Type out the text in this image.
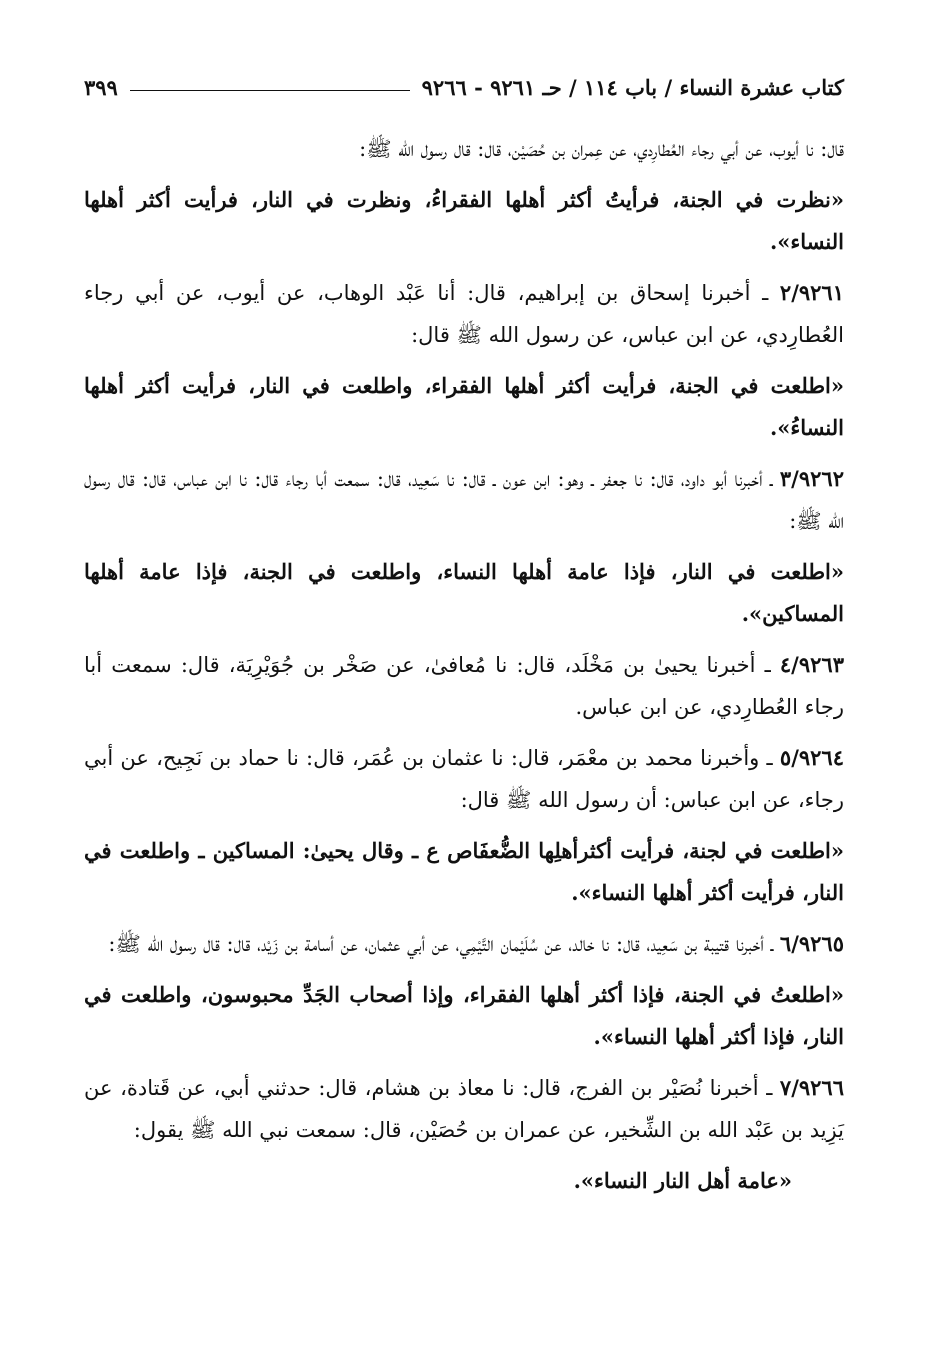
كتاب عشرة النساء / باب ١١٤ / حـ ٩٢٦١ - ٩٢٦٦
٣٩٩

قال: نا أيوب، عن أبي رجاء العُطارِدي، عن عِمران بن حُصَيْن، قال: قال رسول الله ﷺ:

«نظرت في الجنة، فرأيتُ أكثر أهلها الفقراءُ، ونظرت في النار، فرأيت أكثر أهلها النساء».

٢/٩٢٦١ ـ أخبرنا إسحاق بن إبراهيم، قال: أنا عَبْد الوهاب، عن أيوب، عن أبي رجاء العُطارِدي، عن ابن عباس، عن رسول الله ﷺ قال:

«اطلعت في الجنة، فرأيت أكثر أهلها الفقراء، واطلعت في النار، فرأيت أكثر أهلها النساءُ».

٣/٩٢٦٢ ـ أخبرنا أبو داود، قال: نا جعفر ـ وهو: ابن عون ـ قال: نا سَعِيد، قال: سمعت أبا رجاء قال: نا ابن عباس، قال: قال رسول الله ﷺ:

«اطلعت في النار، فإذا عامة أهلها النساء، واطلعت في الجنة، فإذا عامة أهلها المساكين».

٤/٩٢٦٣ ـ أخبرنا يحيىٰ بن مَخْلَد، قال: نا مُعافىٰ، عن صَخْر بن جُوَيْرِيَة، قال: سمعت أبا رجاء العُطارِدي، عن ابن عباس.

٥/٩٢٦٤ ـ وأخبرنا محمد بن معْمَر، قال: نا عثمان بن عُمَر، قال: نا حماد بن نَجِيح، عن أبي رجاء، عن ابن عباس: أن رسول الله ﷺ قال:

«اطلعت في لجنة، فرأيت أكثرأهلِها الضُّعفَاص ع ـ وقال يحيىٰ: المساكين ـ واطلعت في النار، فرأيت أكثر أهلها النساء».

٦/٩٢٦٥ ـ أخبرنا قتيبة بن سَعِيد، قال: نا خالد، عن سُلَيْمان التَّيْمِي، عن أبي عثمان، عن أسامة بن زَيْد، قال: قال رسول الله ﷺ:

«اطلعتُ في الجنة، فإذا أكثر أهلها الفقراء، وإذا أصحاب الجَدِّ محبوسون، واطلعت في النار، فإذا أكثر أهلها النساء».

٧/٩٢٦٦ ـ أخبرنا نُصَيْر بن الفرج، قال: نا معاذ بن هشام، قال: حدثني أبي، عن قَتادة، عن يَزِيد بن عَبْد الله بن الشِّخير، عن عمران بن حُصَيْن، قال: سمعت نبي الله ﷺ يقول:

«عامة أهل النار النساء».
